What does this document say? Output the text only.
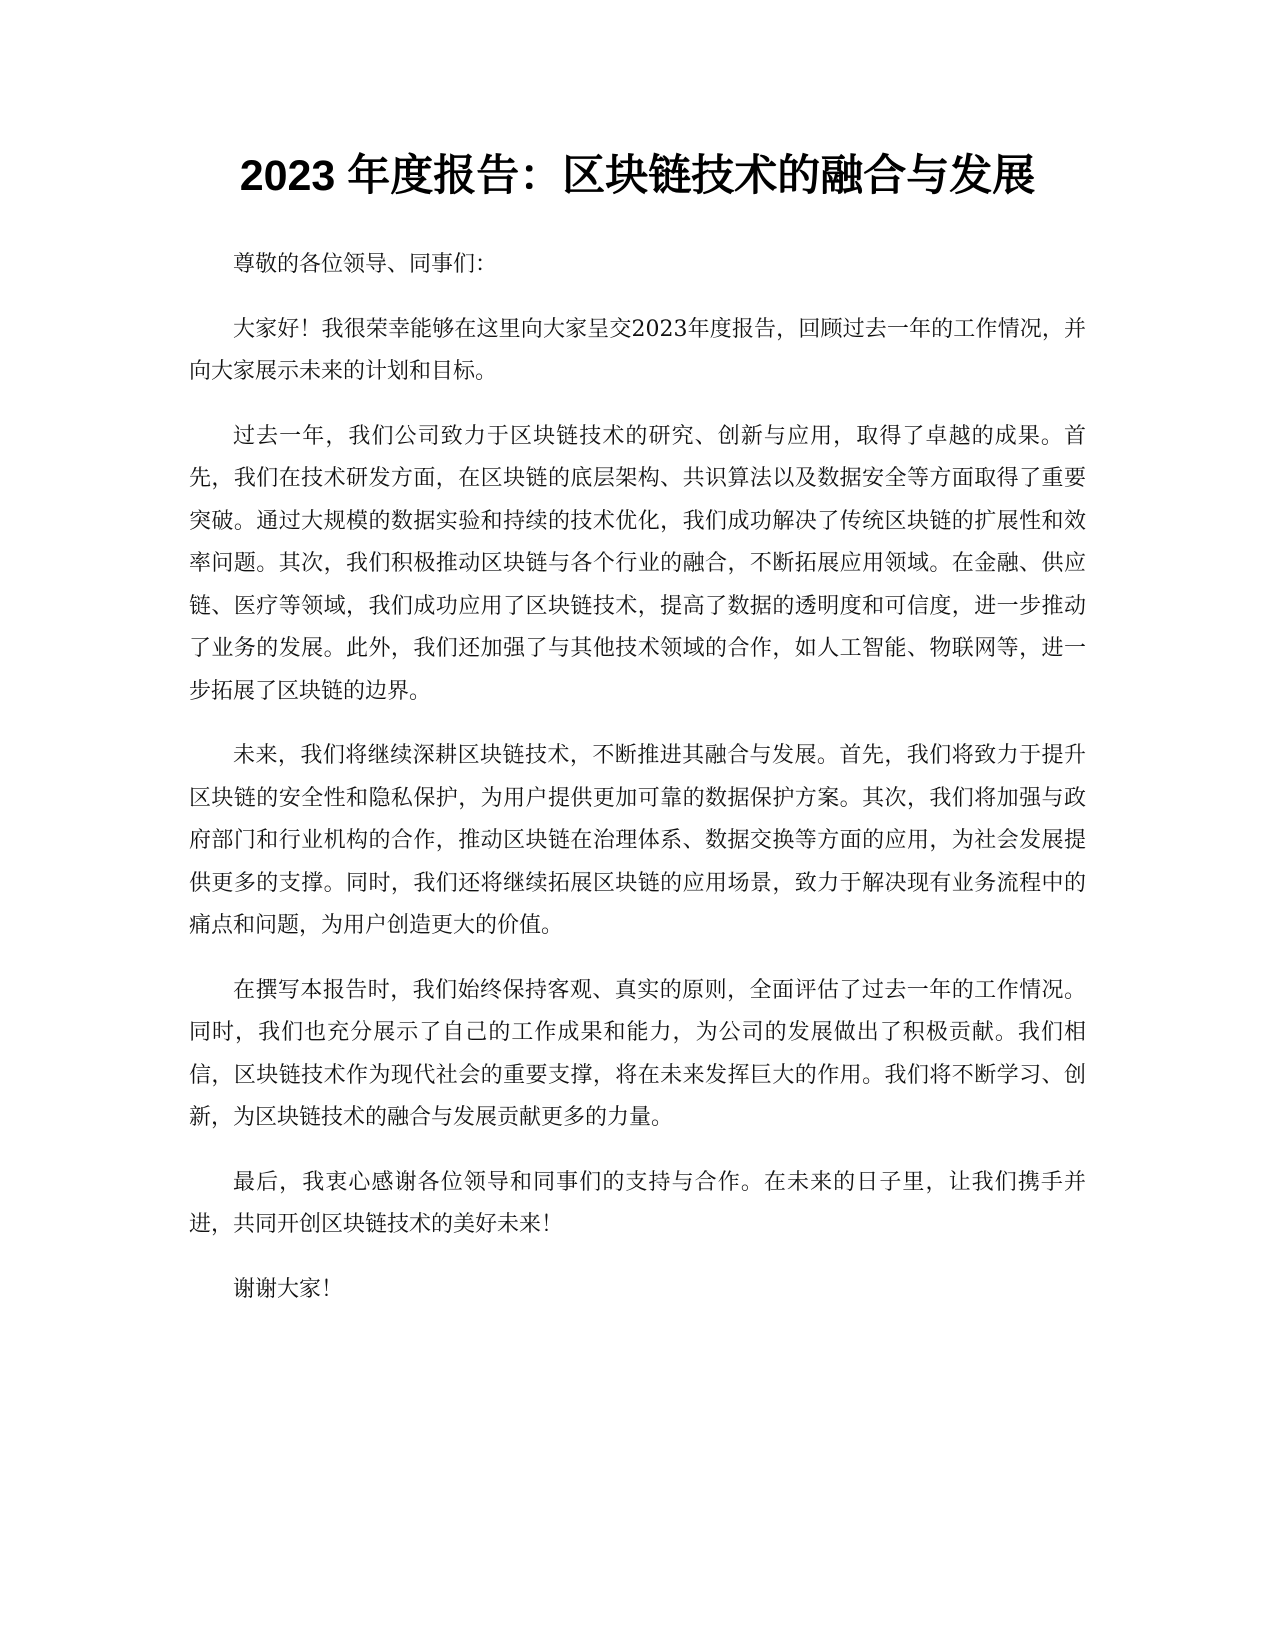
2023 年度报告：区块链技术的融合与发展

尊敬的各位领导、同事们：

大家好！我很荣幸能够在这里向大家呈交2023年度报告，回顾过去一年的工作情况，并向大家展示未来的计划和目标。

过去一年，我们公司致力于区块链技术的研究、创新与应用，取得了卓越的成果。首先，我们在技术研发方面，在区块链的底层架构、共识算法以及数据安全等方面取得了重要突破。通过大规模的数据实验和持续的技术优化，我们成功解决了传统区块链的扩展性和效率问题。其次，我们积极推动区块链与各个行业的融合，不断拓展应用领域。在金融、供应链、医疗等领域，我们成功应用了区块链技术，提高了数据的透明度和可信度，进一步推动了业务的发展。此外，我们还加强了与其他技术领域的合作，如人工智能、物联网等，进一步拓展了区块链的边界。

未来，我们将继续深耕区块链技术，不断推进其融合与发展。首先，我们将致力于提升区块链的安全性和隐私保护，为用户提供更加可靠的数据保护方案。其次，我们将加强与政府部门和行业机构的合作，推动区块链在治理体系、数据交换等方面的应用，为社会发展提供更多的支撑。同时，我们还将继续拓展区块链的应用场景，致力于解决现有业务流程中的痛点和问题，为用户创造更大的价值。

在撰写本报告时，我们始终保持客观、真实的原则，全面评估了过去一年的工作情况。同时，我们也充分展示了自己的工作成果和能力，为公司的发展做出了积极贡献。我们相信，区块链技术作为现代社会的重要支撑，将在未来发挥巨大的作用。我们将不断学习、创新，为区块链技术的融合与发展贡献更多的力量。

最后，我衷心感谢各位领导和同事们的支持与合作。在未来的日子里，让我们携手并进，共同开创区块链技术的美好未来！

谢谢大家！
